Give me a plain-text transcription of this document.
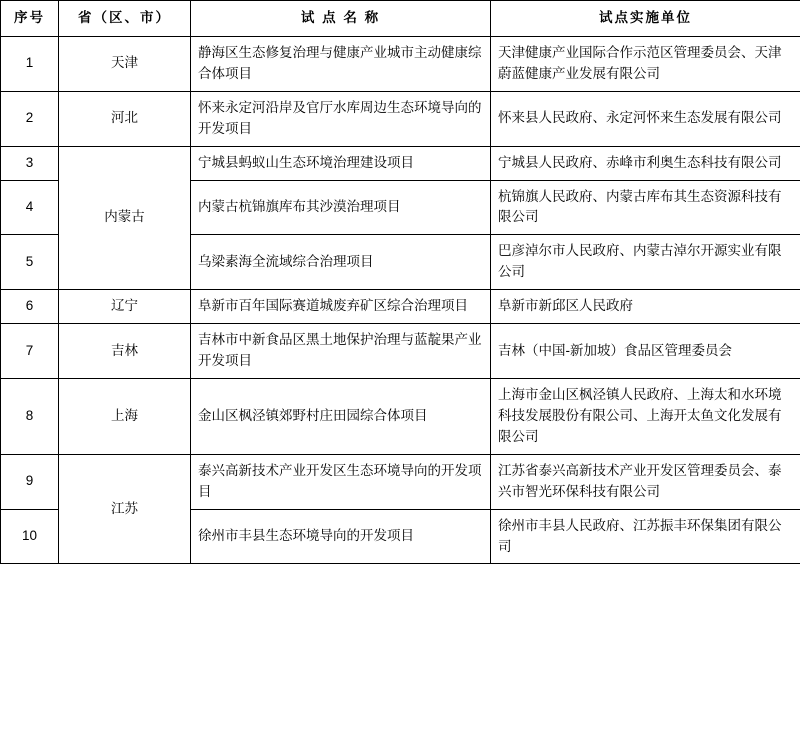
序号	省（区、市）	试 点 名 称	试点实施单位
1	天津	静海区生态修复治理与健康产业城市主动健康综合体项目	天津健康产业国际合作示范区管理委员会、天津蔚蓝健康产业发展有限公司
2	河北	怀来永定河沿岸及官厅水库周边生态环境导向的开发项目	怀来县人民政府、永定河怀来生态发展有限公司
3	内蒙古	宁城县蚂蚁山生态环境治理建设项目	宁城县人民政府、赤峰市利奥生态科技有限公司
4		内蒙古杭锦旗库布其沙漠治理项目	杭锦旗人民政府、内蒙古库布其生态资源科技有限公司
5		乌梁素海全流域综合治理项目	巴彦淖尔市人民政府、内蒙古淖尔开源实业有限公司
6	辽宁	阜新市百年国际赛道城废弃矿区综合治理项目	阜新市新邱区人民政府
7	吉林	吉林市中新食品区黑土地保护治理与蓝靛果产业开发项目	吉林（中国-新加坡）食品区管理委员会
8	上海	金山区枫泾镇郊野村庄田园综合体项目	上海市金山区枫泾镇人民政府、上海太和水环境科技发展股份有限公司、上海开太鱼文化发展有限公司
9	江苏	泰兴高新技术产业开发区生态环境导向的开发项目	江苏省泰兴高新技术产业开发区管理委员会、泰兴市智光环保科技有限公司
10		徐州市丰县生态环境导向的开发项目	徐州市丰县人民政府、江苏振丰环保集团有限公司
